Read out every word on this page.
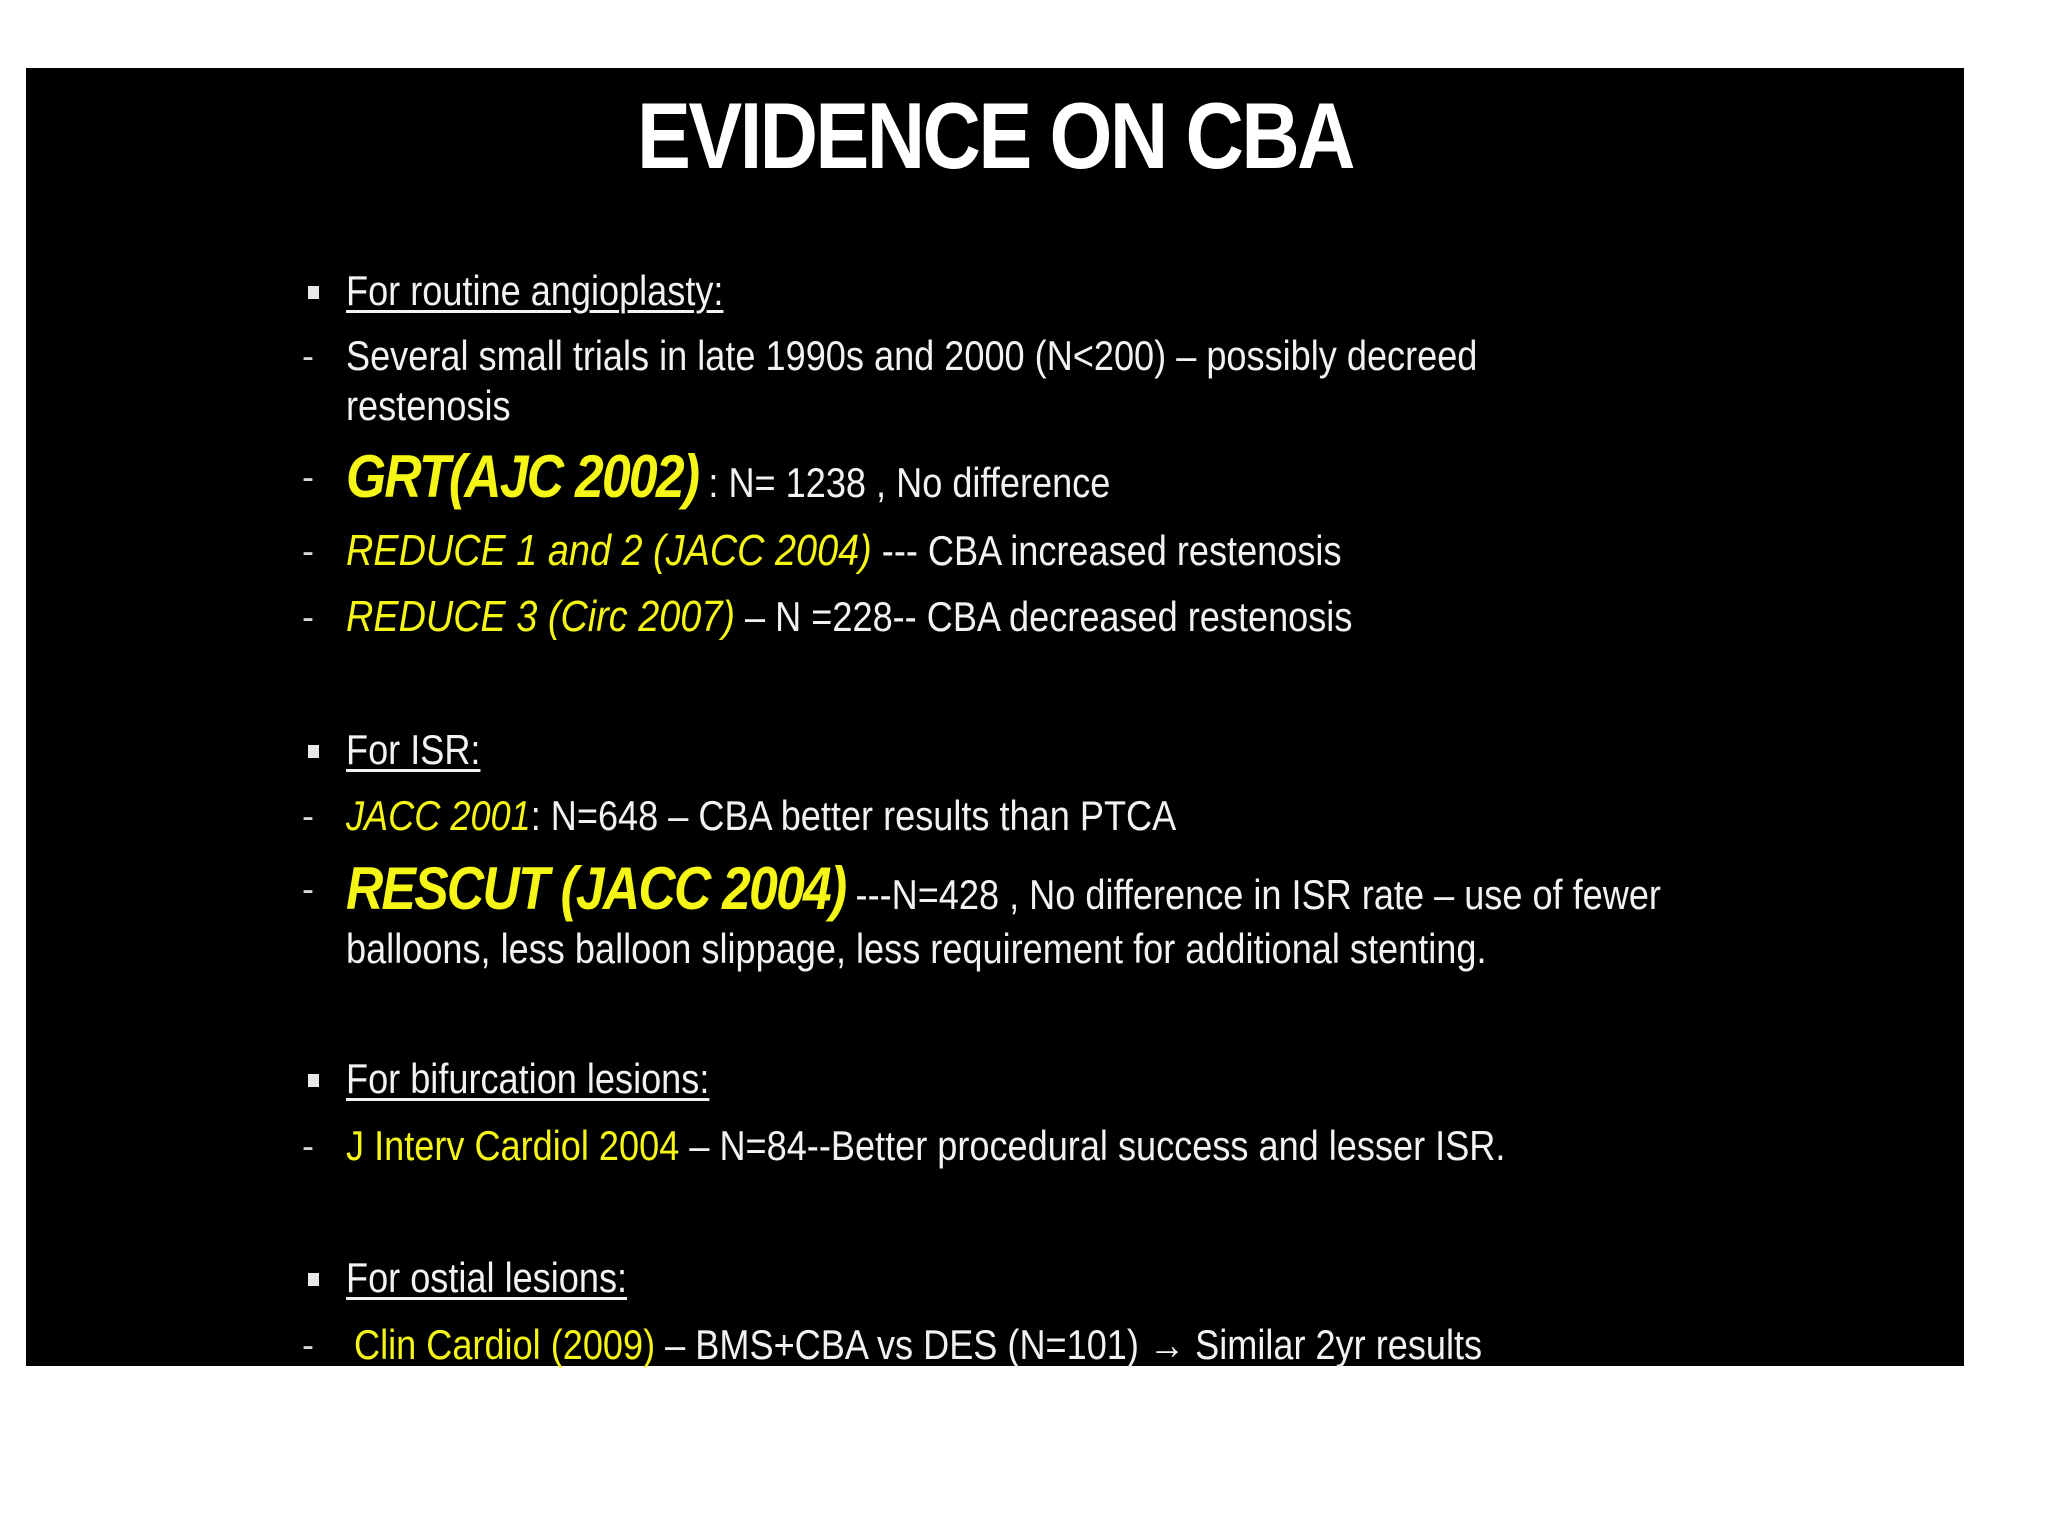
EVIDENCE ON CBA
For routine angioplasty:
- Several small trials in late 1990s and 2000 (N<200) – possibly decreed
restenosis
- GRT(AJC 2002) : N= 1238 , No difference
- REDUCE 1 and 2 (JACC 2004) --- CBA increased restenosis
- REDUCE 3 (Circ 2007) – N =228-- CBA decreased restenosis
For ISR:
- JACC 2001: N=648 – CBA better results than PTCA
- RESCUT (JACC 2004) ---N=428 , No difference in ISR rate – use of fewer
balloons, less balloon slippage, less requirement for additional stenting.
For bifurcation lesions:
- J Interv Cardiol 2004 – N=84--Better procedural success and lesser ISR.
For ostial lesions:
- Clin Cardiol (2009) – BMS+CBA vs DES (N=101) → Similar 2yr results
